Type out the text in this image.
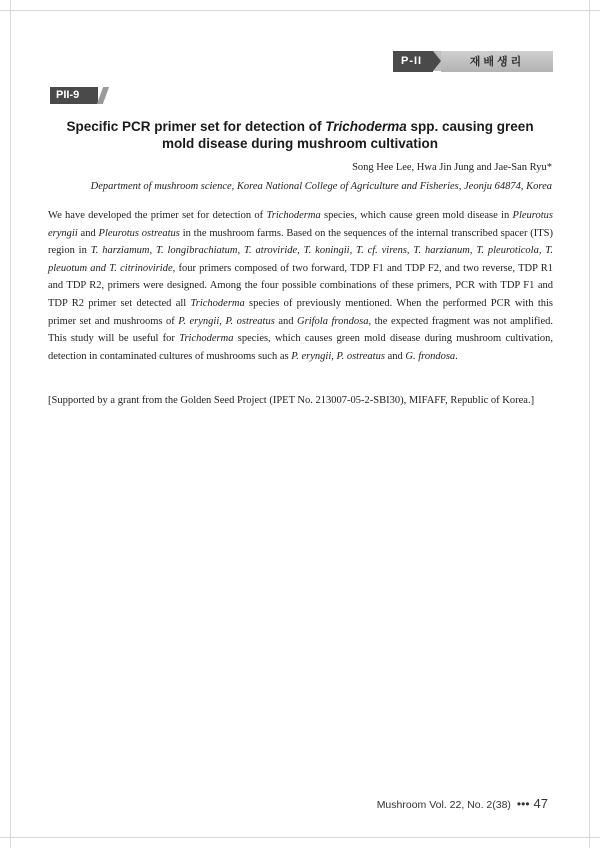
P-II	재배생리
PII-9
Specific PCR primer set for detection of Trichoderma spp. causing green mold disease during mushroom cultivation
Song Hee Lee, Hwa Jin Jung and Jae-San Ryu*
Department of mushroom science, Korea National College of Agriculture and Fisheries, Jeonju 64874, Korea

We have developed the primer set for detection of Trichoderma species, which cause green mold disease in Pleurotus eryngii and Pleurotus ostreatus in the mushroom farms. Based on the sequences of the internal transcribed spacer (ITS) region in T. harziamum, T. longibrachiatum, T. atroviride, T. koningii, T. cf. virens, T. harzianum, T. pleuroticola, T. pleuotum and T. citrinoviride, four primers composed of two forward, TDP F1 and TDP F2, and two reverse, TDP R1 and TDP R2, primers were designed. Among the four possible combinations of these primers, PCR with TDP F1 and TDP R2 primer set detected all Trichoderma species of previously mentioned. When the performed PCR with this primer set and mushrooms of P. eryngii, P. ostreatus and Grifola frondosa, the expected fragment was not amplified. This study will be useful for Trichoderma species, which causes green mold disease during mushroom cultivation, detection in contaminated cultures of mushrooms such as P. eryngii, P. ostreatus and G. frondosa.

[Supported by a grant from the Golden Seed Project (IPET No. 213007-05-2-SBI30), MIFAFF, Republic of Korea.]

Mushroom Vol. 22, No. 2(38) ••• 47
